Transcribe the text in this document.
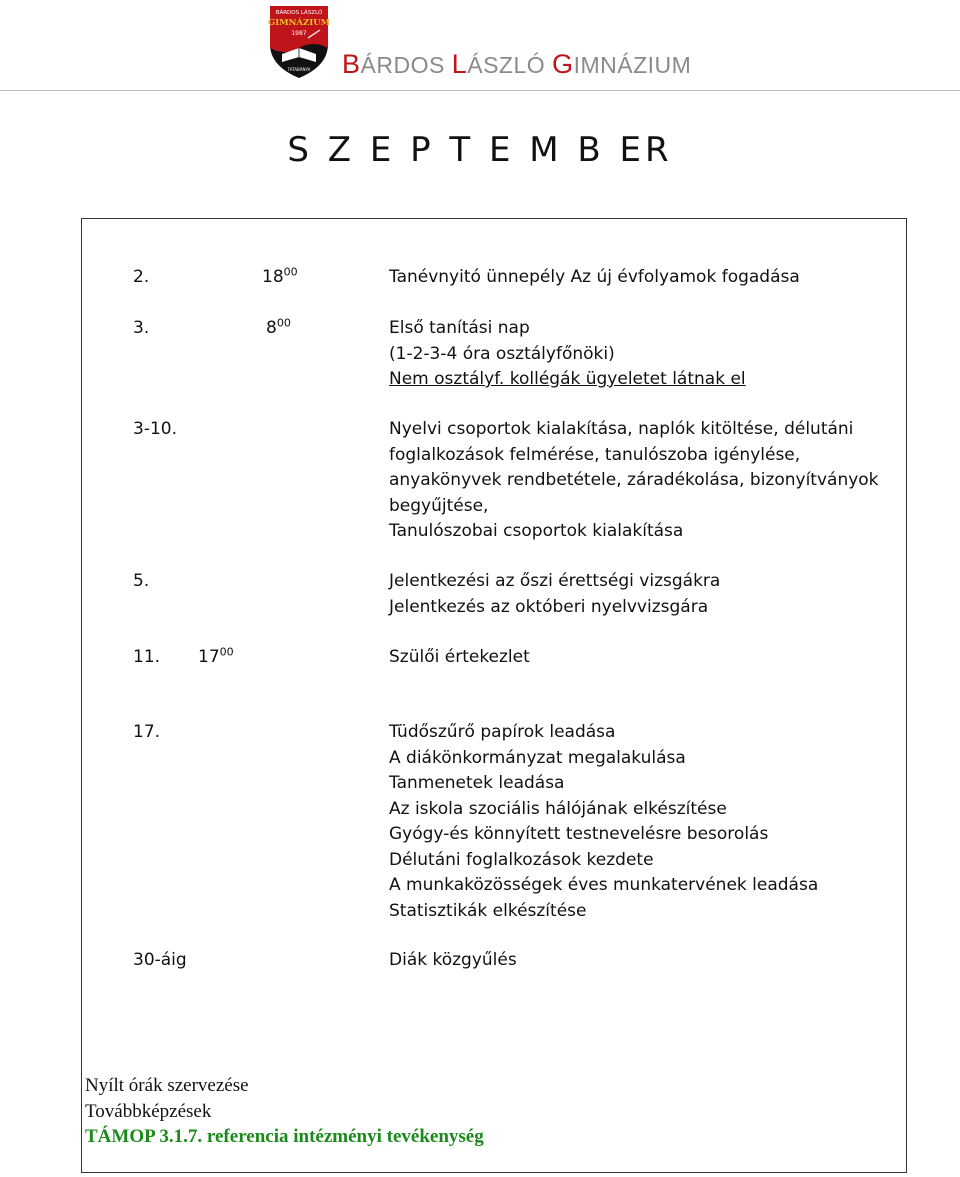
BÁRDOS LÁSZLÓ
GIMNÁZIUM
1987
TATABÁNYA BÁRDOS LÁSZLÓ GIMNÁZIUM
S Z E P T E M B ER
2.	$18^{00}$	Tanévnyitó ünnepély Az új évfolyamok fogadása
3.	$8^{00}$	Első tanítási nap
(1-2-3-4 óra osztályfőnöki)
Nem osztályf. kollégák ügyeletet látnak el
3-10.	Nyelvi csoportok kialakítása, naplók kitöltése, délutáni
foglalkozások felmérése, tanulószoba igénylése,
anyakönyvek rendbetétele, záradékolása, bizonyítványok
begyűjtése,
Tanulószobai csoportok kialakítása
5.	Jelentkezési az őszi érettségi vizsgákra
Jelentkezés az októberi nyelvvizsgára
11. $17^{00}$	Szülői értekezlet
17.	Tüdőszűrő papírok leadása
A diákönkormányzat megalakulása
Tanmenetek leadása
Az iskola szociális hálójának elkészítése
Gyógy-és könnyített testnevelésre besorolás
Délutáni foglalkozások kezdete
A munkaközösségek éves munkatervének leadása
Statisztikák elkészítése
30-áig	Diák közgyűlés
Nyílt órák szervezése
Továbbképzések
TÁMOP 3.1.7. referencia intézményi tevékenység
